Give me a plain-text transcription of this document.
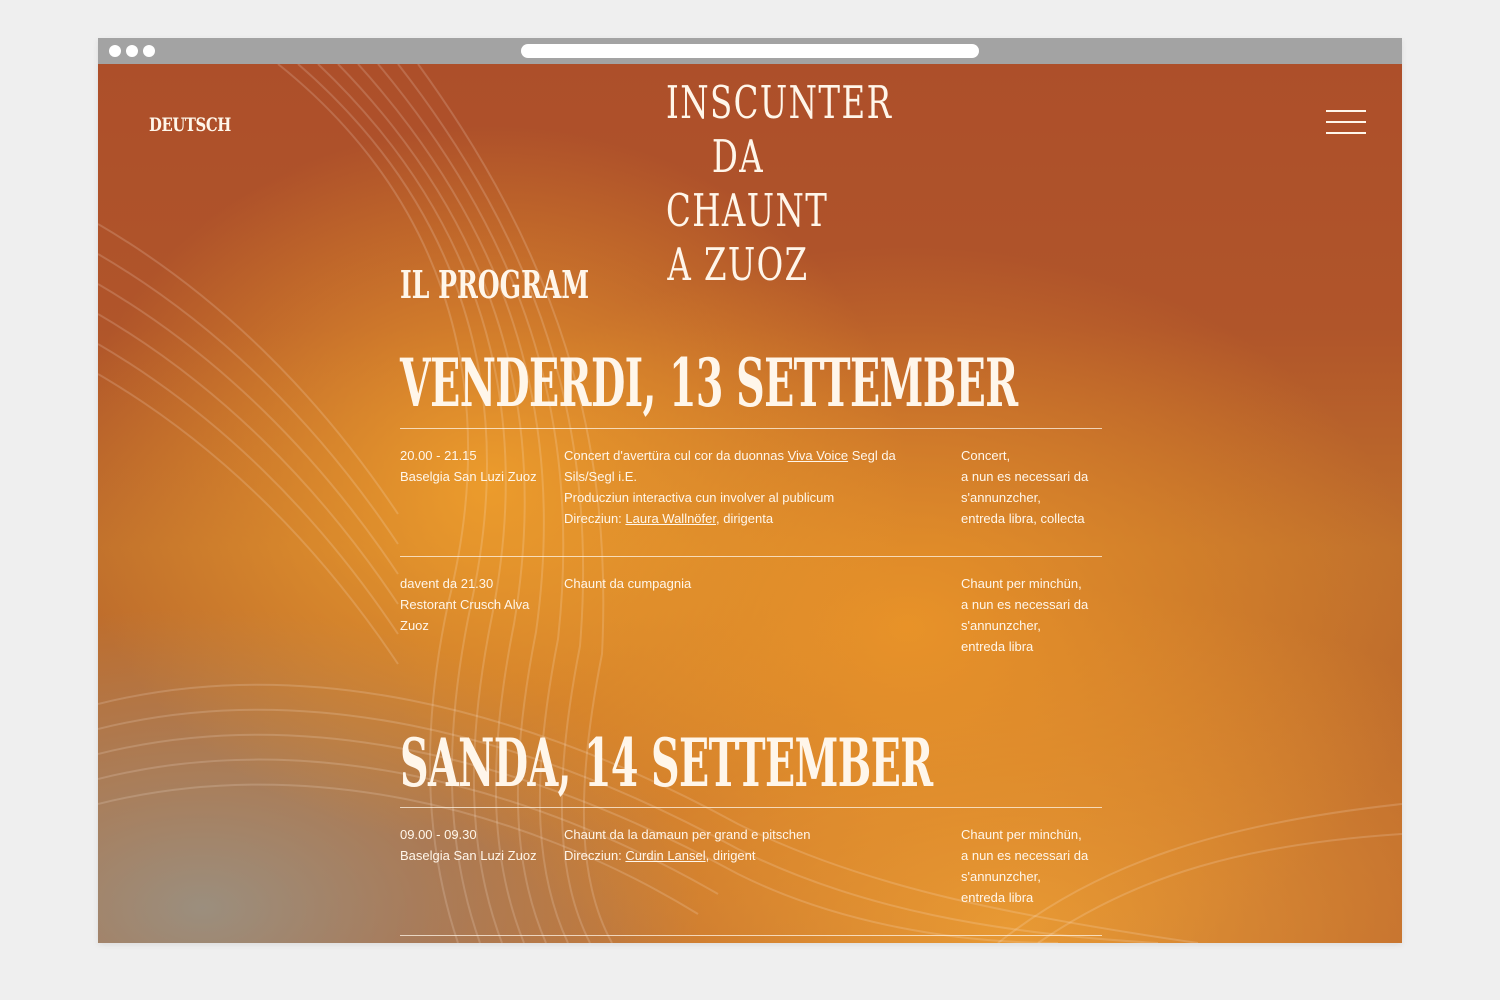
DEUTSCH	INSCUNTER
DA CHAUNT
A ZUOZ
IL PROGRAM
VENDERDI, 13 SETTEMBER
20.00 - 21.15
Baselgia San Luzi Zuoz
Concert d'avertüra cul cor da duonnas Viva Voice Segl da
Sils/Segl i.E.
Producziun interactiva cun involver al publicum
Direcziun: Laura Wallnöfer, dirigenta
Concert,
a nun es necessari da
s'annunzcher,
entreda libra, collecta
davent da 21.30
Restorant Crusch Alva
Zuoz
Chaunt da cumpagnia	Chaunt per minchün,
a nun es necessari da
s'annunzcher,
entreda libra
SANDA, 14 SETTEMBER
09.00 - 09.30
Baselgia San Luzi Zuoz
Chaunt da la damaun per grand e pitschen
Direcziun: Curdin Lansel, dirigent
Chaunt per minchün,
a nun es necessari da
s'annunzcher,
entreda libra
